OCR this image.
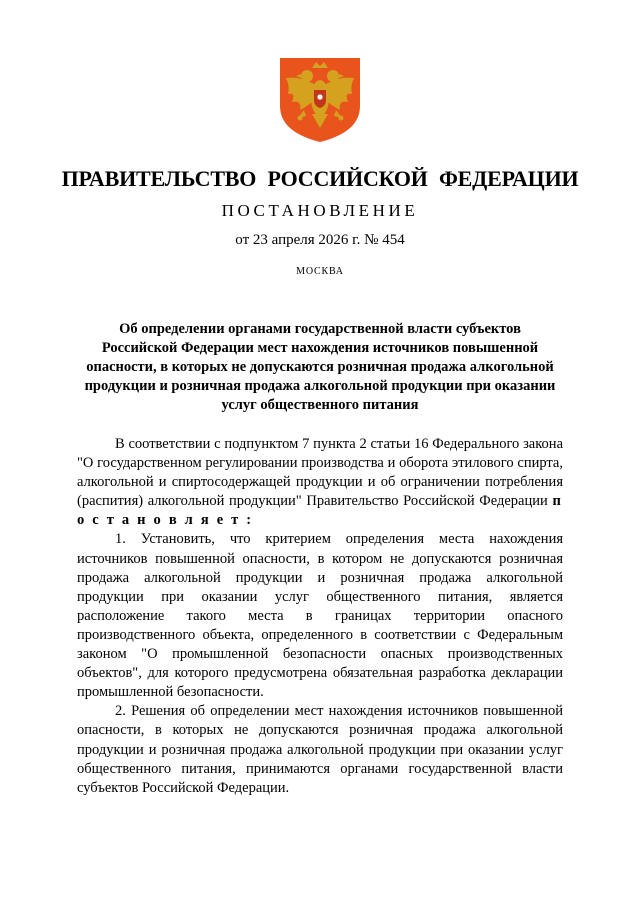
ПРАВИТЕЛЬСТВО РОССИЙСКОЙ ФЕДЕРАЦИИ
ПОСТАНОВЛЕНИЕ
от 23 апреля 2026 г. № 454
МОСКВА

Об определении органами государственной власти субъектов Российской Федерации мест нахождения источников повышенной опасности, в которых не допускаются розничная продажа алкогольной продукции и розничная продажа алкогольной продукции при оказании услуг общественного питания

В соответствии с подпунктом 7 пункта 2 статьи 16 Федерального закона "О государственном регулировании производства и оборота этилового спирта, алкогольной и спиртосодержащей продукции и об ограничении потребления (распития) алкогольной продукции" Правительство Российской Федерации п о с т а н о в л я е т :

1. Установить, что критерием определения места нахождения источников повышенной опасности, в котором не допускаются розничная продажа алкогольной продукции и розничная продажа алкогольной продукции при оказании услуг общественного питания, является расположение такого места в границах территории опасного производственного объекта, определенного в соответствии с Федеральным законом "О промышленной безопасности опасных производственных объектов", для которого предусмотрена обязательная разработка декларации промышленной безопасности.

2. Решения об определении мест нахождения источников повышенной опасности, в которых не допускаются розничная продажа алкогольной продукции и розничная продажа алкогольной продукции при оказании услуг общественного питания, принимаются органами государственной власти субъектов Российской Федерации.
